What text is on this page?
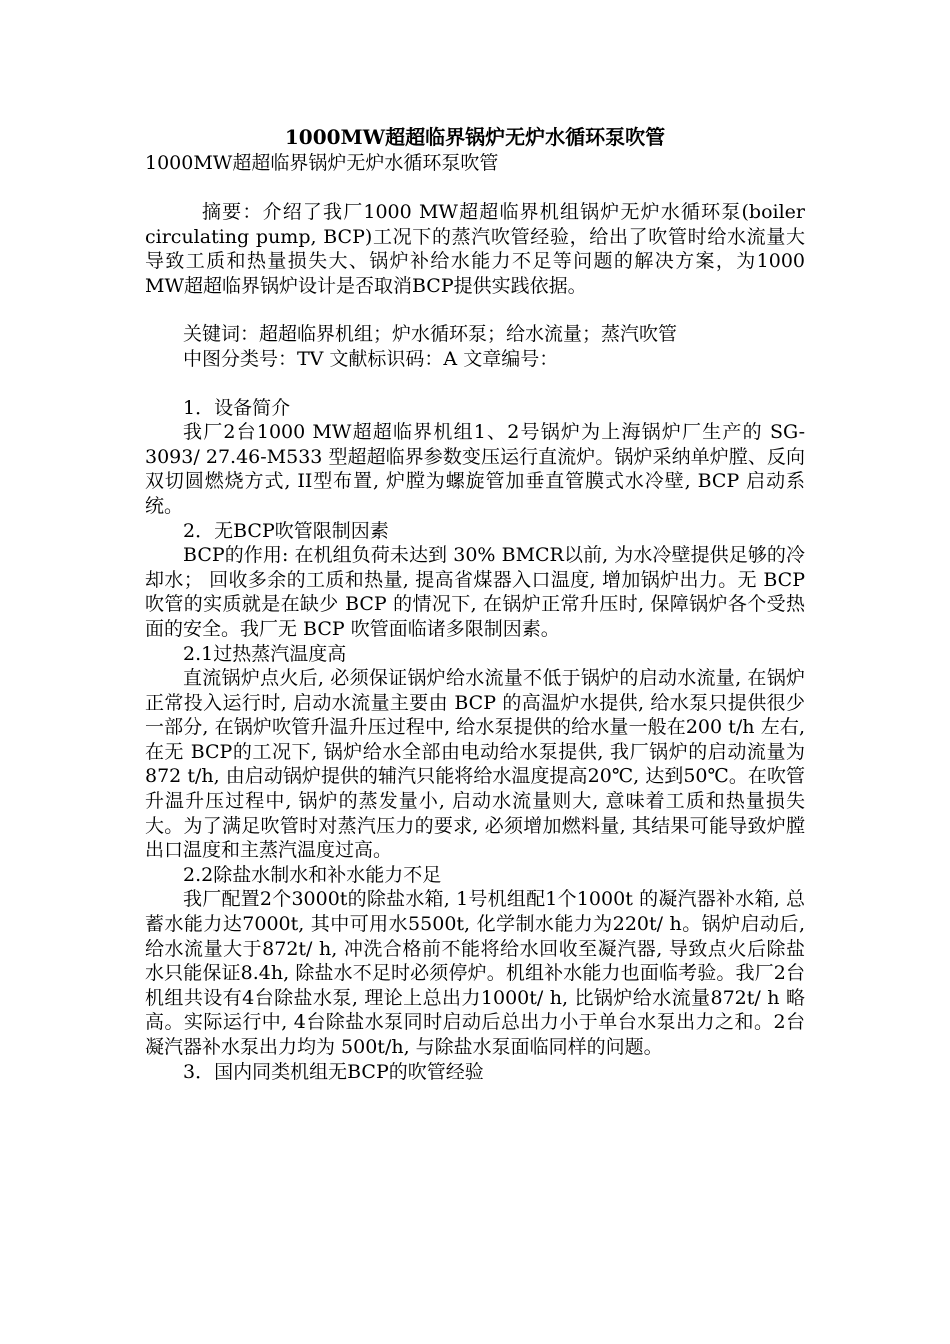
1000MW超超临界锅炉无炉水循环泵吹管
1000MW超超临界锅炉无炉水循环泵吹管

摘要：介绍了我厂1000 MW超超临界机组锅炉无炉水循环泵(boiler circulating pump, BCP)工况下的蒸汽吹管经验，给出了吹管时给水流量大导致工质和热量损失大、锅炉补给水能力不足等问题的解决方案，为1000 MW超超临界锅炉设计是否取消BCP提供实践依据。

关键词：超超临界机组；炉水循环泵；给水流量；蒸汽吹管

中图分类号：TV 文献标识码：A 文章编号：

1．设备简介

我厂2台1000 MW超超临界机组1、2号锅炉为上海锅炉厂生产的 SG-3093/ 27.46-M533 型超超临界参数变压运行直流炉。锅炉采纳单炉膛、反向双切圆燃烧方式, II型布置, 炉膛为螺旋管加垂直管膜式水冷壁, BCP 启动系统。

2．无BCP吹管限制因素

BCP的作用: 在机组负荷未达到 30% BMCR以前, 为水冷壁提供足够的冷却水； 回收多余的工质和热量, 提高省煤器入口温度, 增加锅炉出力。无 BCP 吹管的实质就是在缺少 BCP 的情况下, 在锅炉正常升压时, 保障锅炉各个受热面的安全。我厂无 BCP 吹管面临诸多限制因素。

2.1过热蒸汽温度高

直流锅炉点火后, 必须保证锅炉给水流量不低于锅炉的启动水流量, 在锅炉正常投入运行时, 启动水流量主要由 BCP 的高温炉水提供, 给水泵只提供很少一部分, 在锅炉吹管升温升压过程中, 给水泵提供的给水量一般在200 t/h 左右, 在无 BCP的工况下, 锅炉给水全部由电动给水泵提供, 我厂锅炉的启动流量为872 t/h, 由启动锅炉提供的辅汽只能将给水温度提高20℃, 达到50℃。在吹管升温升压过程中, 锅炉的蒸发量小, 启动水流量则大, 意味着工质和热量损失大。为了满足吹管时对蒸汽压力的要求, 必须增加燃料量, 其结果可能导致炉膛出口温度和主蒸汽温度过高。

2.2除盐水制水和补水能力不足

我厂配置2个3000t的除盐水箱, 1号机组配1个1000t 的凝汽器补水箱, 总蓄水能力达7000t, 其中可用水5500t, 化学制水能力为220t/ h。锅炉启动后, 给水流量大于872t/ h, 冲洗合格前不能将给水回收至凝汽器, 导致点火后除盐水只能保证8.4h, 除盐水不足时必须停炉。机组补水能力也面临考验。我厂2台机组共设有4台除盐水泵, 理论上总出力1000t/ h, 比锅炉给水流量872t/ h 略高。实际运行中, 4台除盐水泵同时启动后总出力小于单台水泵出力之和。2台凝汽器补水泵出力均为 500t/h, 与除盐水泵面临同样的问题。

3．国内同类机组无BCP的吹管经验
